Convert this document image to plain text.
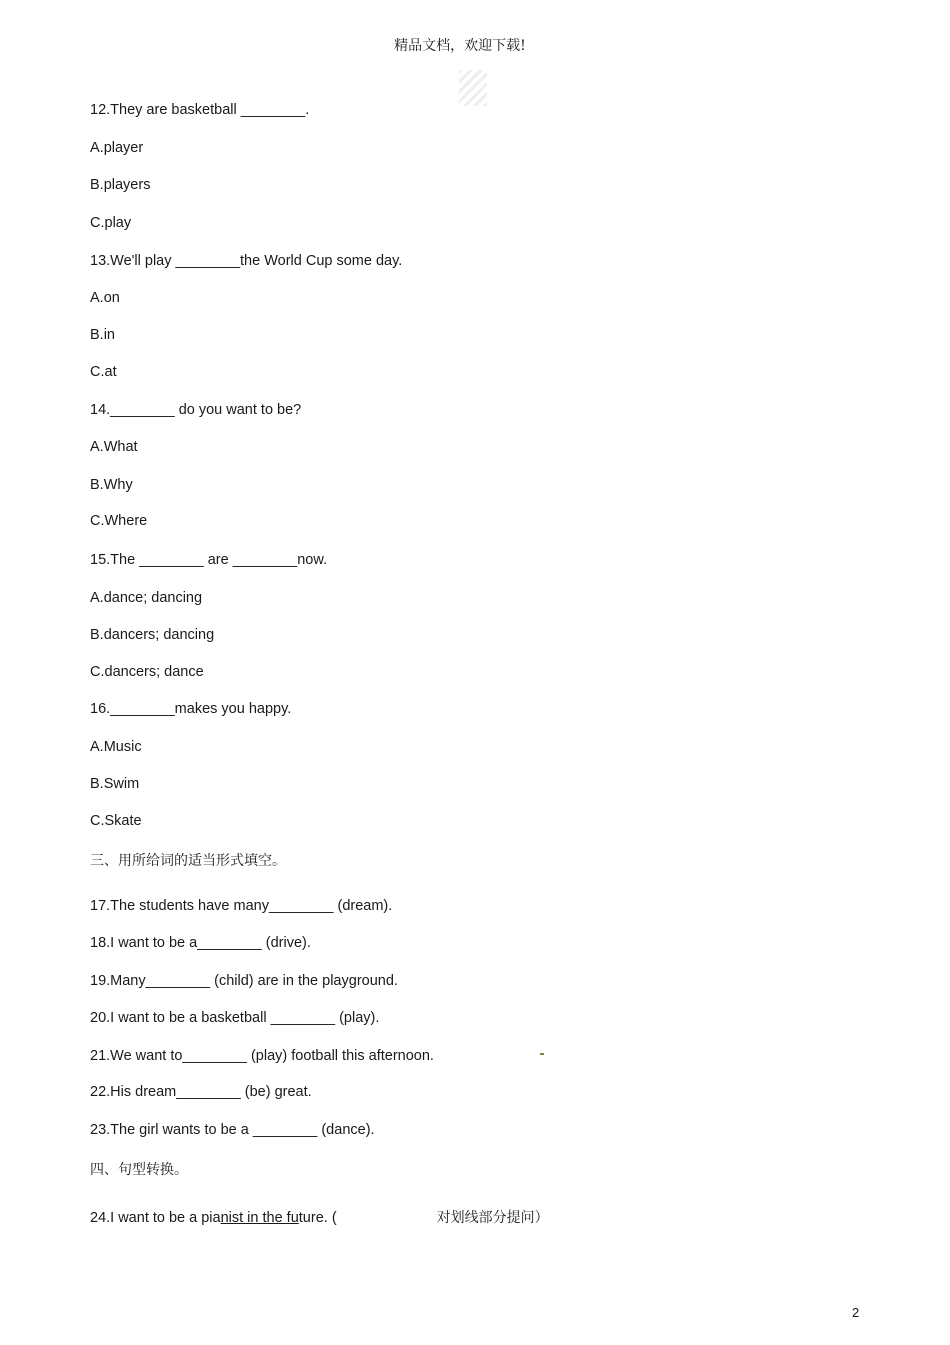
精品文档，欢迎下载!
12.They are basketball ________.
A.player
B.players
C.play
13.We'll play ________the World Cup some day.
A.on
B.in
C.at
14.________ do you want to be?
A.What
B.Why
C.Where
15.The ________ are ________now.
A.dance; dancing
B.dancers; dancing
C.dancers; dance
16.________makes you happy.
A.Music
B.Swim
C.Skate
三、用所给词的适当形式填空。
17.The students have many________ (dream).
18.I want to be a________ (drive).
19.Many________ (child) are in the playground.
20.I want to be a basketball ________ (play).
21.We want to________ (play) football this afternoon.
22.His dream________ (be) great.
23.The girl wants to be a ________ (dance).
四、句型转换。
24.I want to be a pianist in the future. (	对划线部分提问）
2
